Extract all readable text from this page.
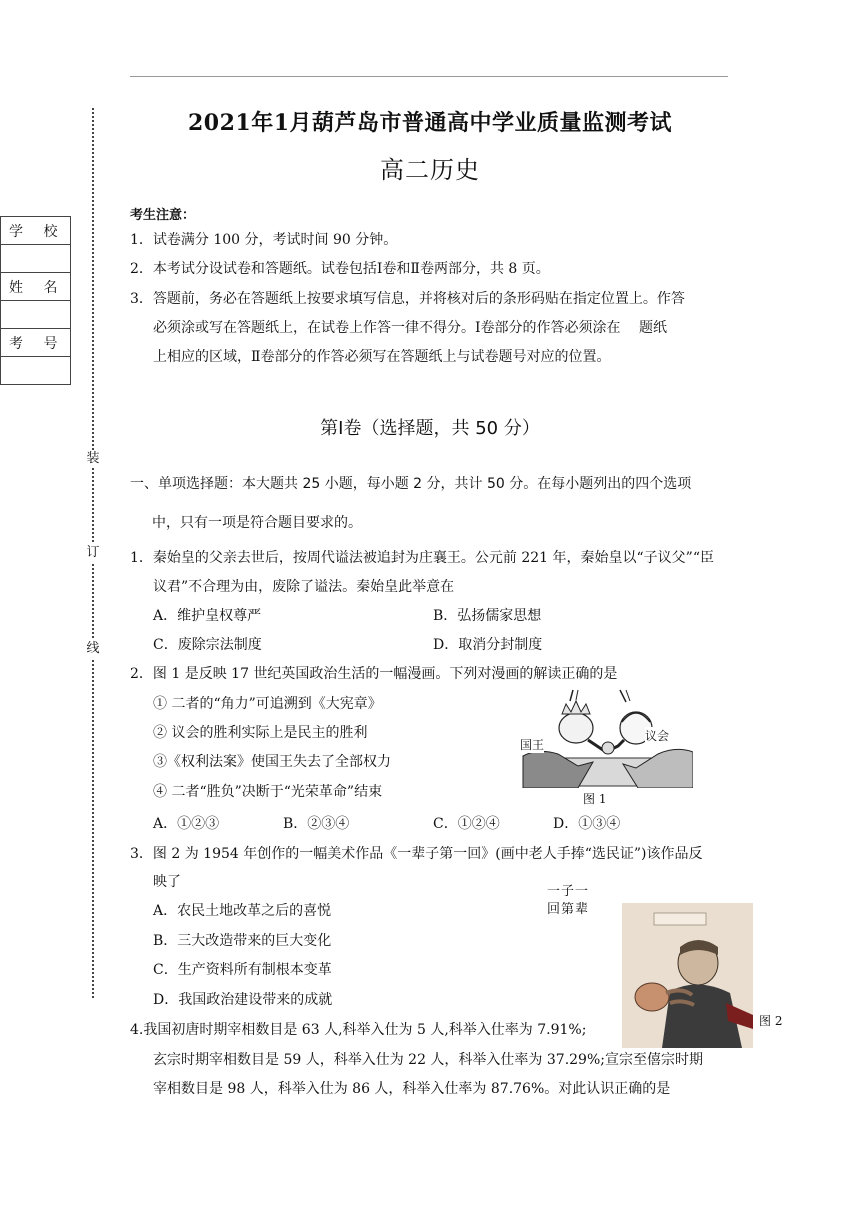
2021年1月葫芦岛市普通高中学业质量监测考试
高二历史
装
订
线
学 校

姓 名

考 号

考生注意：
1．试卷满分 100 分，考试时间 90 分钟。
2．本考试分设试卷和答题纸。试卷包括Ⅰ卷和Ⅱ卷两部分，共 8 页。
3．答题前，务必在答题纸上按要求填写信息，并将核对后的条形码贴在指定位置上。作答
必须涂或写在答题纸上，在试卷上作答一律不得分。Ⅰ卷部分的作答必须涂在　 题纸
上相应的区域，Ⅱ卷部分的作答必须写在答题纸上与试卷题号对应的位置。
第Ⅰ卷（选择题，共 50 分）
一、单项选择题：本大题共 25 小题，每小题 2 分，共计 50 分。在每小题列出的四个选项
中，只有一项是符合题目要求的。
1．秦始皇的父亲去世后，按周代谥法被追封为庄襄王。公元前 221 年，秦始皇以“子议父”“臣
议君”不合理为由，废除了谥法。秦始皇此举意在
A．维护皇权尊严	B．弘扬儒家思想
C．废除宗法制度	D．取消分封制度
2．图 1 是反映 17 世纪英国政治生活的一幅漫画。下列对漫画的解读正确的是
① 二者的“角力”可追溯到《大宪章》
② 议会的胜利实际上是民主的胜利
③《权利法案》使国王失去了全部权力
④ 二者“胜负”决断于“光荣革命”结束
A．①②③	B．②③④	C．①②④	D．①③④
国王
议会
图 1
3．图 2 为 1954 年创作的一幅美术作品《一辈子第一回》(画中老人手捧“选民证”)该作品反
映了
A．农民土地改革之后的喜悦
B．三大改造带来的巨大变化
C．生产资料所有制根本变革
D．我国政治建设带来的成就
一子一
回第辈
图 2
4.我国初唐时期宰相数目是 63 人,科举入仕为 5 人,科举入仕率为 7.91%;
玄宗时期宰相数目是 59 人，科举入仕为 22 人，科举入仕率为 37.29%;宣宗至僖宗时期
宰相数目是 98 人，科举入仕为 86 人，科举入仕率为 87.76%。对此认识正确的是
